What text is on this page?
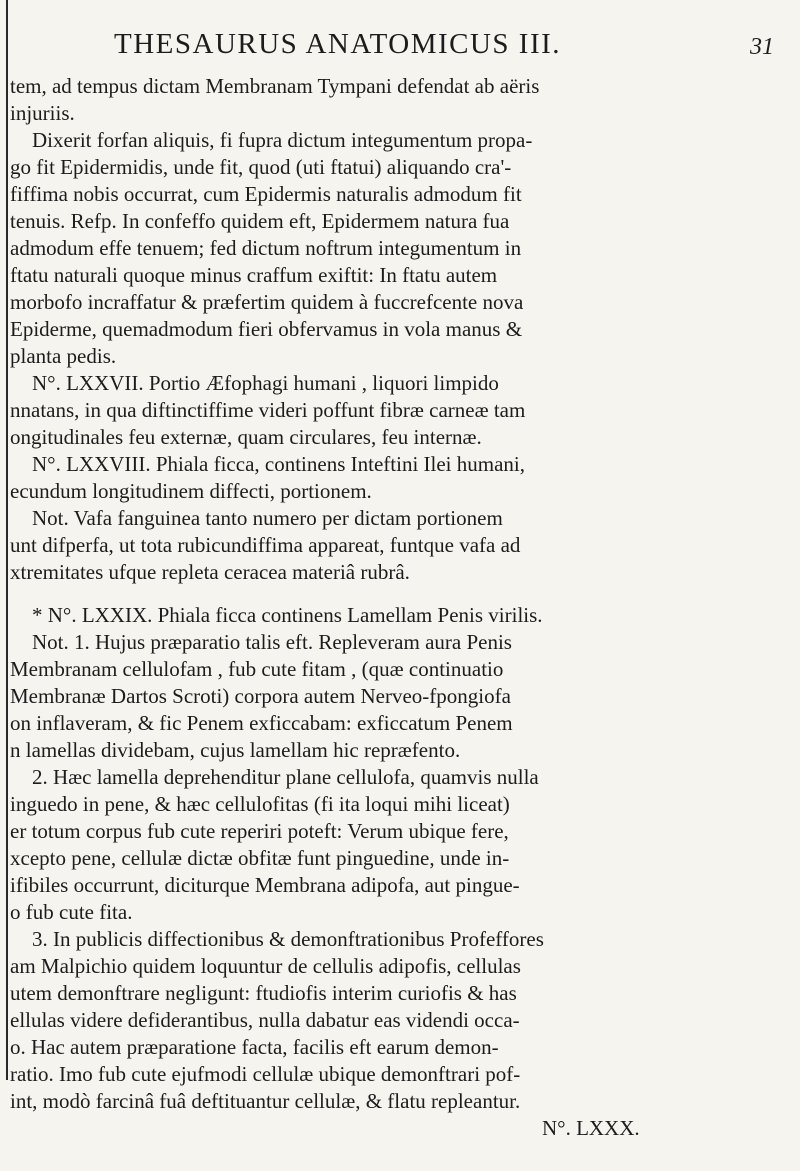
THESAURUS ANATOMICUS III.	31
tem, ad tempus dictam Membranam Tympani defendat ab aëris
injuriis.
Dixerit forfan aliquis, fi fupra dictum integumentum propa-
go fit Epidermidis, unde fit, quod (uti ftatui) aliquando cra'-
fiffima nobis occurrat, cum Epidermis naturalis admodum fit
tenuis. Refp. In confeffo quidem eft, Epidermem natura fua
admodum effe tenuem; fed dictum noftrum integumentum in
ftatu naturali quoque minus craffum exiftit: In ftatu autem
morbofo incraffatur & præfertim quidem à fuccrefcente nova
Epiderme, quemadmodum fieri obfervamus in vola manus &
planta pedis.
N°. LXXVII. Portio Æfophagi humani , liquori limpido
nnatans, in qua diftinctiffime videri poffunt fibræ carneæ tam
ongitudinales feu externæ, quam circulares, feu internæ.
N°. LXXVIII. Phiala ficca, continens Inteftini Ilei humani,
ecundum longitudinem diffecti, portionem.
Not. Vafa fanguinea tanto numero per dictam portionem
unt difperfa, ut tota rubicundiffima appareat, funtque vafa ad
xtremitates ufque repleta ceracea materiâ rubrâ.
* N°. LXXIX. Phiala ficca continens Lamellam Penis virilis.
Not. 1. Hujus præparatio talis eft. Repleveram aura Penis
Membranam cellulofam , fub cute fitam , (quæ continuatio
Membranæ Dartos Scroti) corpora autem Nerveo-fpongiofa
on inflaveram, & fic Penem exficcabam: exficcatum Penem
n lamellas dividebam, cujus lamellam hic repræfento.
2. Hæc lamella deprehenditur plane cellulofa, quamvis nulla
inguedo in pene, & hæc cellulofitas (fi ita loqui mihi liceat)
er totum corpus fub cute reperiri poteft: Verum ubique fere,
xcepto pene, cellulæ dictæ obfitæ funt pinguedine, unde in-
ifibiles occurrunt, diciturque Membrana adipofa, aut pingue-
o fub cute fita.
3. In publicis diffectionibus & demonftrationibus Profeffores
am Malpichio quidem loquuntur de cellulis adipofis, cellulas
utem demonftrare negligunt: ftudiofis interim curiofis & has
ellulas videre defiderantibus, nulla dabatur eas videndi occa-
o. Hac autem præparatione facta, facilis eft earum demon-
ratio. Imo fub cute ejufmodi cellulæ ubique demonftrari pof-
int, modò farcinâ fuâ deftituantur cellulæ, & flatu repleantur.
N°. LXXX.
